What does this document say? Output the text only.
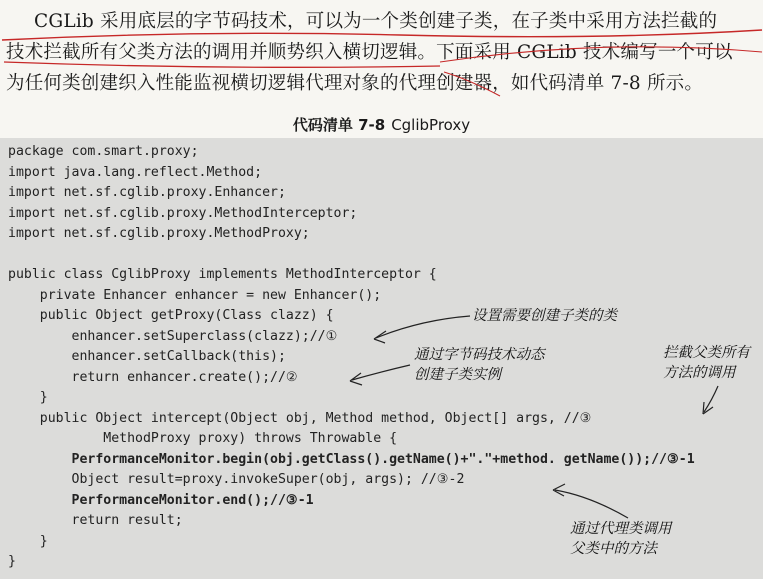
CGLib 采用底层的字节码技术，可以为一个类创建子类，在子类中采用方法拦截的
技术拦截所有父类方法的调用并顺势织入横切逻辑。下面采用 CGLib 技术编写一个可以
为任何类创建织入性能监视横切逻辑代理对象的代理创建器，如代码清单 7-8 所示。
代码清单 7-8 CglibProxy
package com.smart.proxy;
import java.lang.reflect.Method;
import net.sf.cglib.proxy.Enhancer;
import net.sf.cglib.proxy.MethodInterceptor;
import net.sf.cglib.proxy.MethodProxy;
public class CglibProxy implements MethodInterceptor {
private Enhancer enhancer = new Enhancer();
public Object getProxy(Class clazz) {
enhancer.setSuperclass(clazz);//①
enhancer.setCallback(this);
return enhancer.create();//②
}
public Object intercept(Object obj, Method method, Object[] args, //③
MethodProxy proxy) throws Throwable {
PerformanceMonitor.begin(obj.getClass().getName()+"."+method. getName());//③-1
Object result=proxy.invokeSuper(obj, args); //③-2
PerformanceMonitor.end();//③-1
return result;
}
}
设置需要创建子类的类
通过字节码技术动态
创建子类实例
拦截父类所有
方法的调用
通过代理类调用
父类中的方法
